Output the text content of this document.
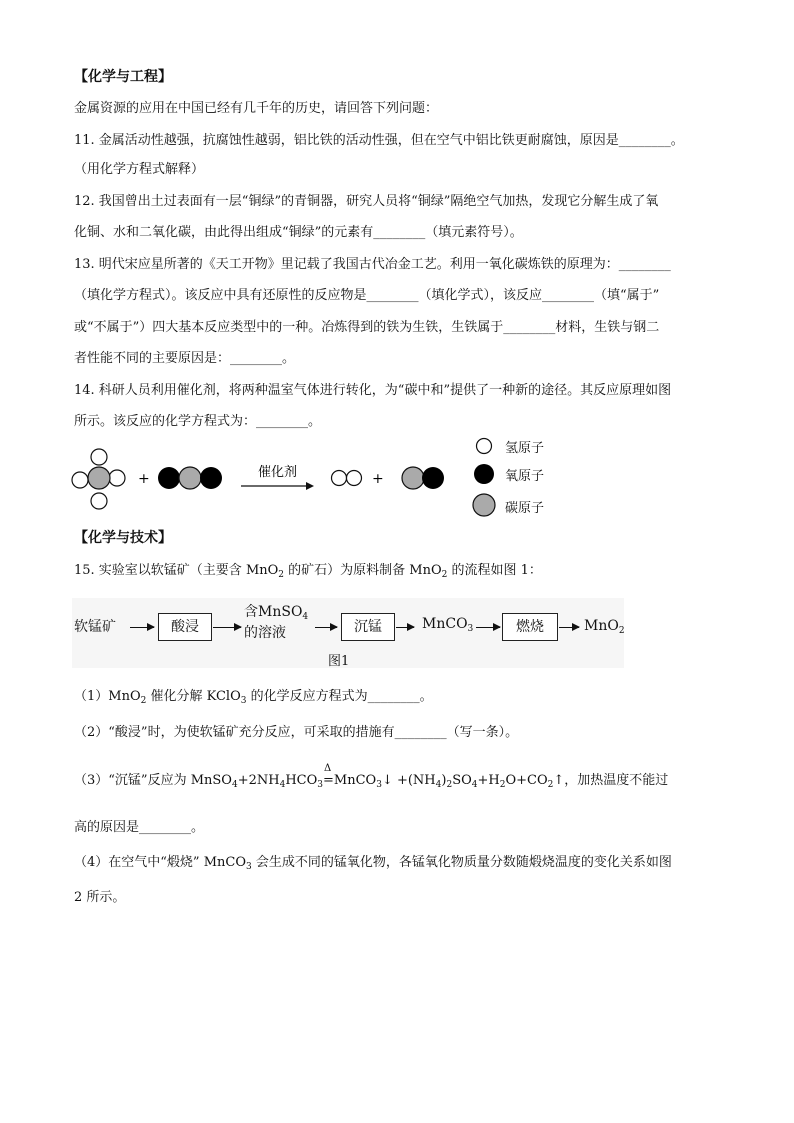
【化学与工程】
金属资源的应用在中国已经有几千年的历史，请回答下列问题：
11. 金属活动性越强，抗腐蚀性越弱，铝比铁的活动性强，但在空气中铝比铁更耐腐蚀，原因是________。
（用化学方程式解释）
12. 我国曾出土过表面有一层“铜绿”的青铜器，研究人员将“铜绿”隔绝空气加热，发现它分解生成了氧
化铜、水和二氧化碳，由此得出组成“铜绿”的元素有________（填元素符号）。
13. 明代宋应星所著的《天工开物》里记载了我国古代冶金工艺。利用一氧化碳炼铁的原理为：________
（填化学方程式）。该反应中具有还原性的反应物是________（填化学式），该反应________（填“属于”
或“不属于”）四大基本反应类型中的一种。冶炼得到的铁为生铁，生铁属于________材料，生铁与钢二
者性能不同的主要原因是：________。
14. 科研人员利用催化剂，将两种温室气体进行转化，为“碳中和”提供了一种新的途径。其反应原理如图
所示。该反应的化学方程式为：________。
+	催化剂	+
氢原子
氧原子
碳原子
【化学与技术】
15. 实验室以软锰矿（主要含 MnO$_2$ 的矿石）为原料制备 MnO$_2$ 的流程如图 1：
软锰矿	酸浸
含MnSO$_4$
的溶液	沉锰	MnCO$_3$	燃烧	MnO$_2$
图1
（1）MnO$_2$ 催化分解 KClO$_3$ 的化学反应方程式为________。
（2）“酸浸”时，为使软锰矿充分反应，可采取的措施有________（写一条）。
（3）“沉锰”反应为 $MnSO_4+2NH_4HCO_3$
Δ
=MnCO$_3$↓ $+(NH_4)_2SO_4+H_2O+CO_2↑$，加热温度不能过
高的原因是________。
（4）在空气中“煅烧” MnCO$_3$ 会生成不同的锰氧化物，各锰氧化物质量分数随煅烧温度的变化关系如图
2 所示。
